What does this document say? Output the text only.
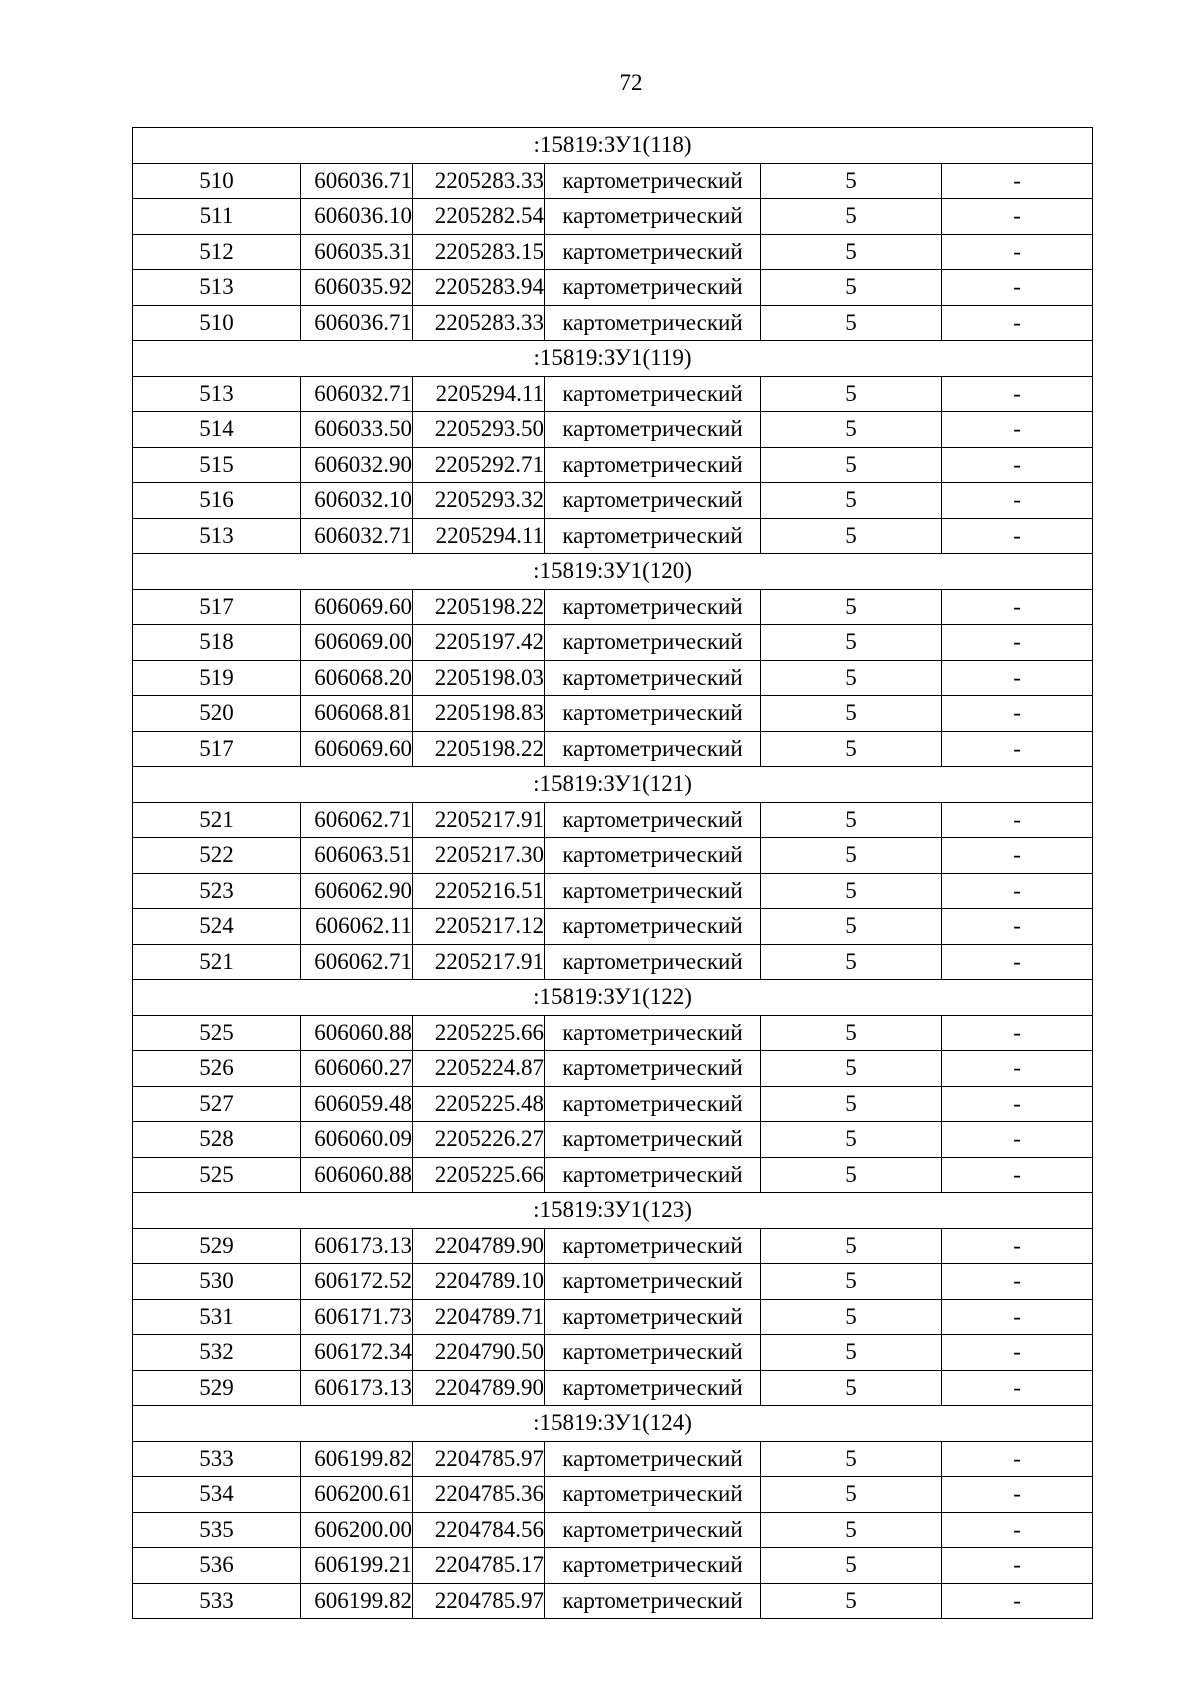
72
:15819:ЗУ1(118)					
510	606036.71	2205283.33	картометрический	5	-
511	606036.10	2205282.54	картометрический	5	-
512	606035.31	2205283.15	картометрический	5	-
513	606035.92	2205283.94	картометрический	5	-
510	606036.71	2205283.33	картометрический	5	-
:15819:ЗУ1(119)					
513	606032.71	2205294.11	картометрический	5	-
514	606033.50	2205293.50	картометрический	5	-
515	606032.90	2205292.71	картометрический	5	-
516	606032.10	2205293.32	картометрический	5	-
513	606032.71	2205294.11	картометрический	5	-
:15819:ЗУ1(120)					
517	606069.60	2205198.22	картометрический	5	-
518	606069.00	2205197.42	картометрический	5	-
519	606068.20	2205198.03	картометрический	5	-
520	606068.81	2205198.83	картометрический	5	-
517	606069.60	2205198.22	картометрический	5	-
:15819:ЗУ1(121)					
521	606062.71	2205217.91	картометрический	5	-
522	606063.51	2205217.30	картометрический	5	-
523	606062.90	2205216.51	картометрический	5	-
524	606062.11	2205217.12	картометрический	5	-
521	606062.71	2205217.91	картометрический	5	-
:15819:ЗУ1(122)					
525	606060.88	2205225.66	картометрический	5	-
526	606060.27	2205224.87	картометрический	5	-
527	606059.48	2205225.48	картометрический	5	-
528	606060.09	2205226.27	картометрический	5	-
525	606060.88	2205225.66	картометрический	5	-
:15819:ЗУ1(123)					
529	606173.13	2204789.90	картометрический	5	-
530	606172.52	2204789.10	картометрический	5	-
531	606171.73	2204789.71	картометрический	5	-
532	606172.34	2204790.50	картометрический	5	-
529	606173.13	2204789.90	картометрический	5	-
:15819:ЗУ1(124)					
533	606199.82	2204785.97	картометрический	5	-
534	606200.61	2204785.36	картометрический	5	-
535	606200.00	2204784.56	картометрический	5	-
536	606199.21	2204785.17	картометрический	5	-
533	606199.82	2204785.97	картометрический	5	-
